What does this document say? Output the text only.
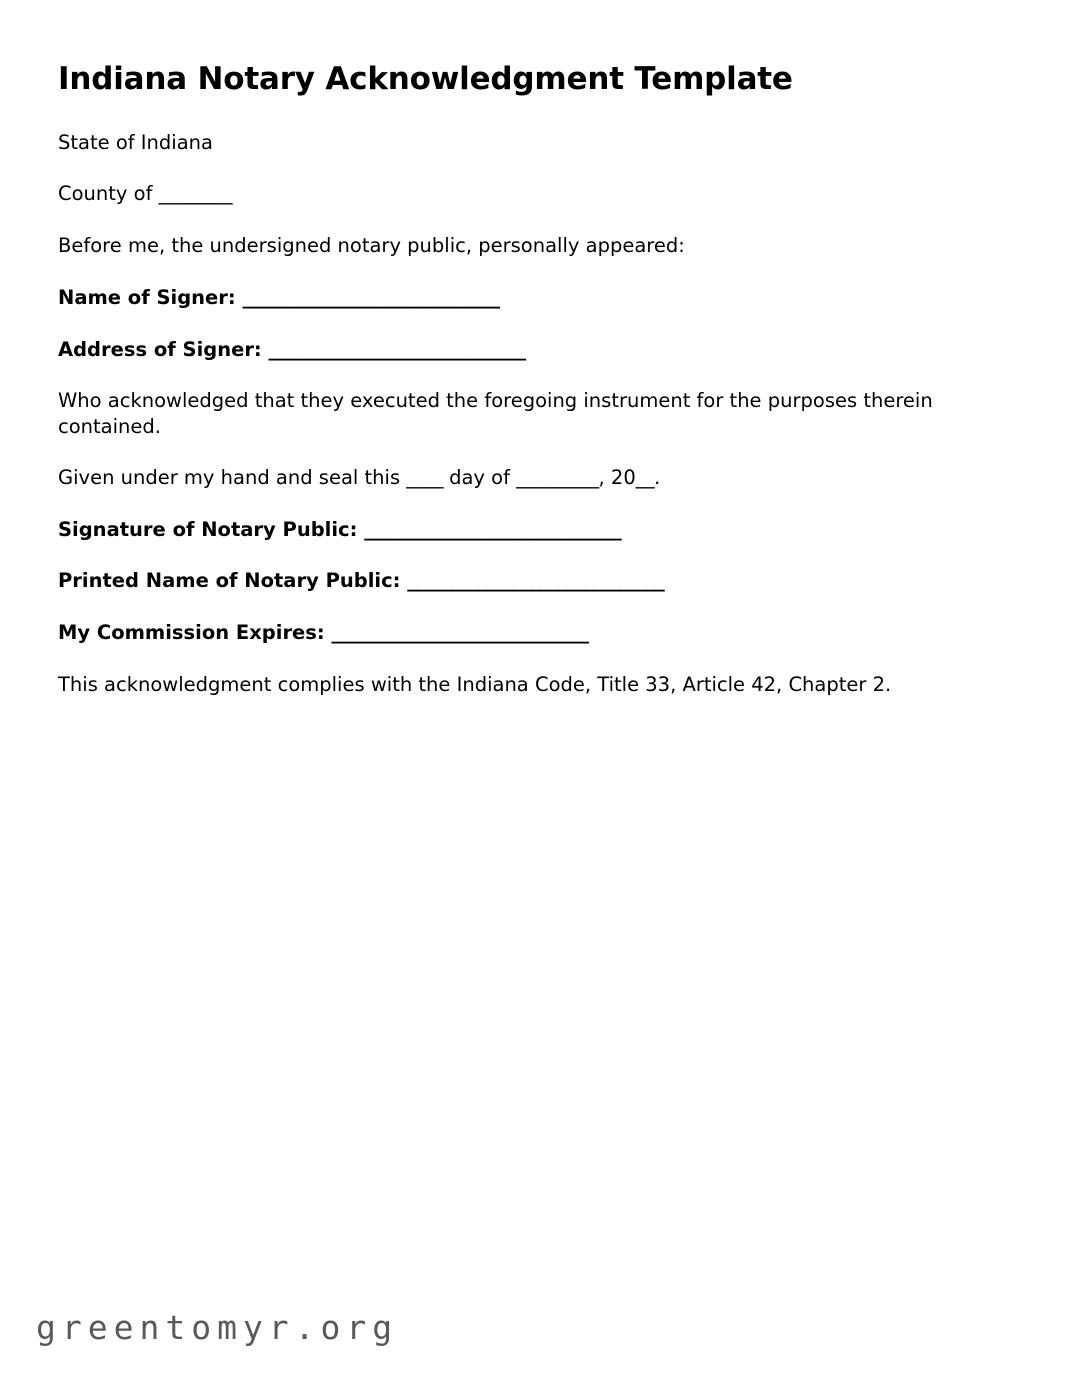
Indiana Notary Acknowledgment Template

State of Indiana

County of ________

Before me, the undersigned notary public, personally appeared:

Name of Signer: _____________________________

Address of Signer: _____________________________

Who acknowledged that they executed the foregoing instrument for the purposes therein contained.

Given under my hand and seal this ____ day of _________, 20__.

Signature of Notary Public: _____________________________

Printed Name of Notary Public: _____________________________

My Commission Expires: _____________________________

This acknowledgment complies with the Indiana Code, Title 33, Article 42, Chapter 2.

greentomyr.org
